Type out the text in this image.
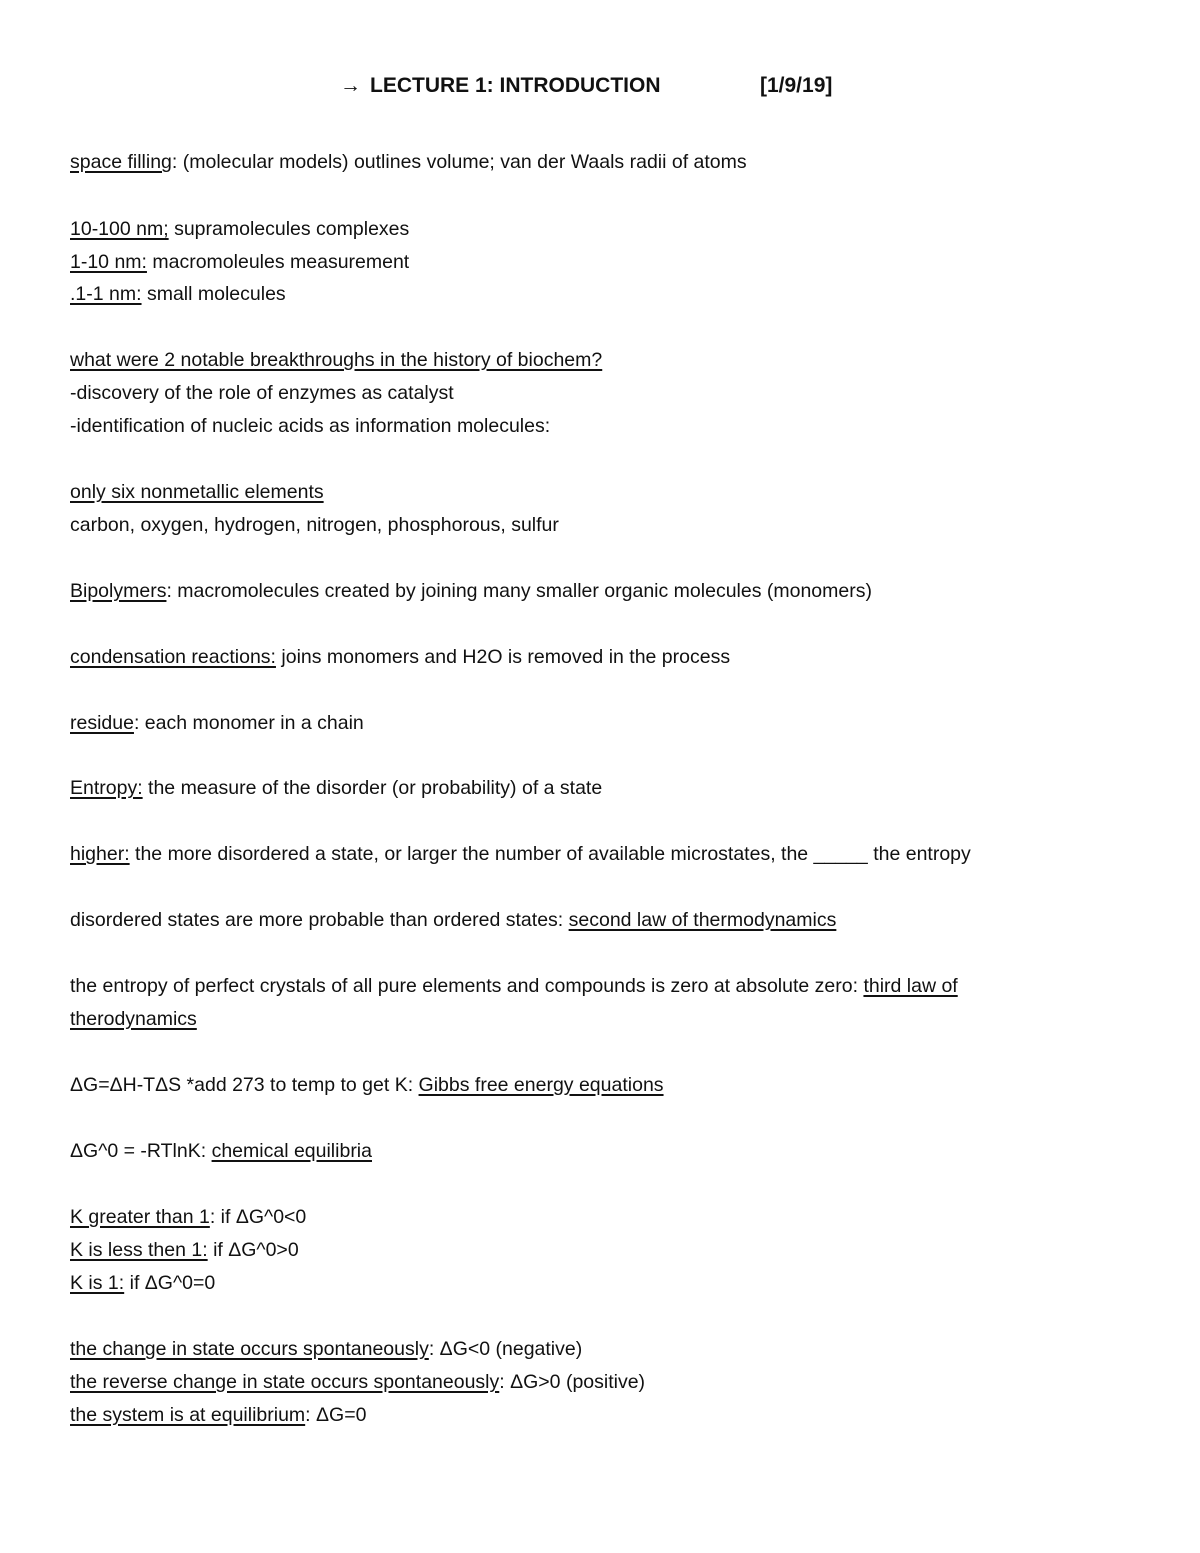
→ LECTURE 1: INTRODUCTION	[1/9/19]
space filling: (molecular models) outlines volume; van der Waals radii of atoms
10-100 nm; supramolecules complexes
1-10 nm: macromoleules measurement
.1-1 nm: small molecules
what were 2 notable breakthroughs in the history of biochem?
-discovery of the role of enzymes as catalyst
-identification of nucleic acids as information molecules:
only six nonmetallic elements
carbon, oxygen, hydrogen, nitrogen, phosphorous, sulfur
Bipolymers: macromolecules created by joining many smaller organic molecules (monomers)
condensation reactions: joins monomers and H2O is removed in the process
residue: each monomer in a chain
Entropy: the measure of the disorder (or probability) of a state
higher: the more disordered a state, or larger the number of available microstates, the _____ the entropy
disordered states are more probable than ordered states: second law of thermodynamics
the entropy of perfect crystals of all pure elements and compounds is zero at absolute zero: third law of
therodynamics
ΔG=ΔH-TΔS *add 273 to temp to get K: Gibbs free energy equations
ΔG^0 = -RTlnK: chemical equilibria
K greater than 1: if ΔG^0<0
K is less then 1: if ΔG^0>0
K is 1: if ΔG^0=0
the change in state occurs spontaneously: ΔG<0 (negative)
the reverse change in state occurs spontaneously: ΔG>0 (positive)
the system is at equilibrium: ΔG=0
